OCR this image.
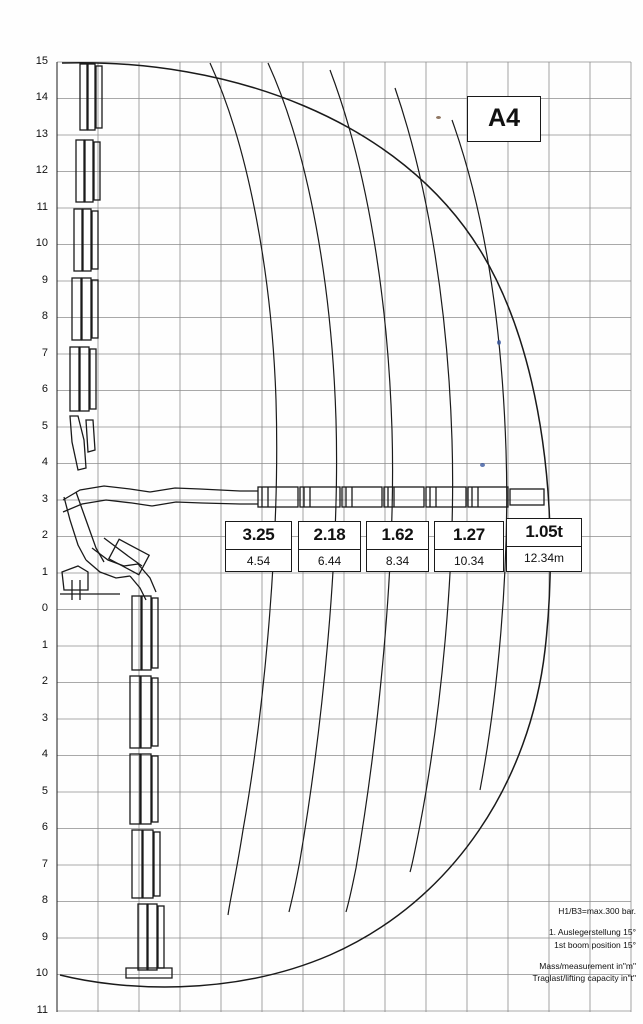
15
14
13
12
11
10
9
8
7
6
5
4
3
2
1
0
1
2
3
4
5
6
7
8
9
10
11
A4
3.25
4.54
2.18
6.44
1.62
8.34
1.27
10.34
1.05t
12.34m
H1/B3=max.300 bar.
1. Auslegerstellung 15°
1st boom position 15°
Mass/measurement in"m"
Traglast/lifting capacity in"t"
